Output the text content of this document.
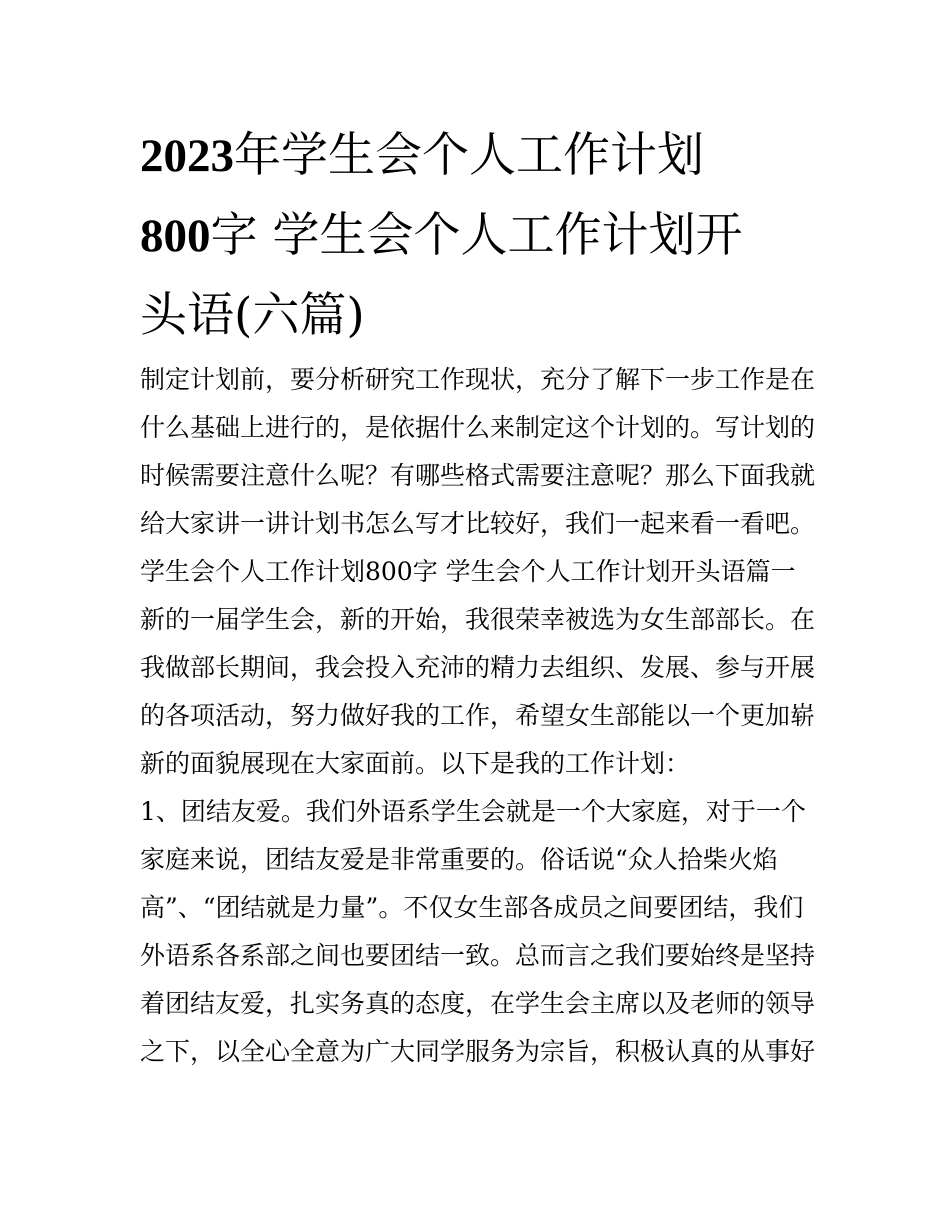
2023年学生会个人工作计划
800字 学生会个人工作计划开
头语(六篇)
制定计划前，要分析研究工作现状，充分了解下一步工作是在
什么基础上进行的，是依据什么来制定这个计划的。写计划的
时候需要注意什么呢？有哪些格式需要注意呢？那么下面我就
给大家讲一讲计划书怎么写才比较好，我们一起来看一看吧。
学生会个人工作计划800字 学生会个人工作计划开头语篇一
新的一届学生会，新的开始，我很荣幸被选为女生部部长。在
我做部长期间，我会投入充沛的精力去组织、发展、参与开展
的各项活动，努力做好我的工作，希望女生部能以一个更加崭
新的面貌展现在大家面前。以下是我的工作计划：
1、团结友爱。我们外语系学生会就是一个大家庭，对于一个
家庭来说，团结友爱是非常重要的。俗话说“众人拾柴火焰
高”、“团结就是力量”。不仅女生部各成员之间要团结，我们
外语系各系部之间也要团结一致。总而言之我们要始终是坚持
着团结友爱，扎实务真的态度，在学生会主席以及老师的领导
之下，以全心全意为广大同学服务为宗旨，积极认真的从事好
